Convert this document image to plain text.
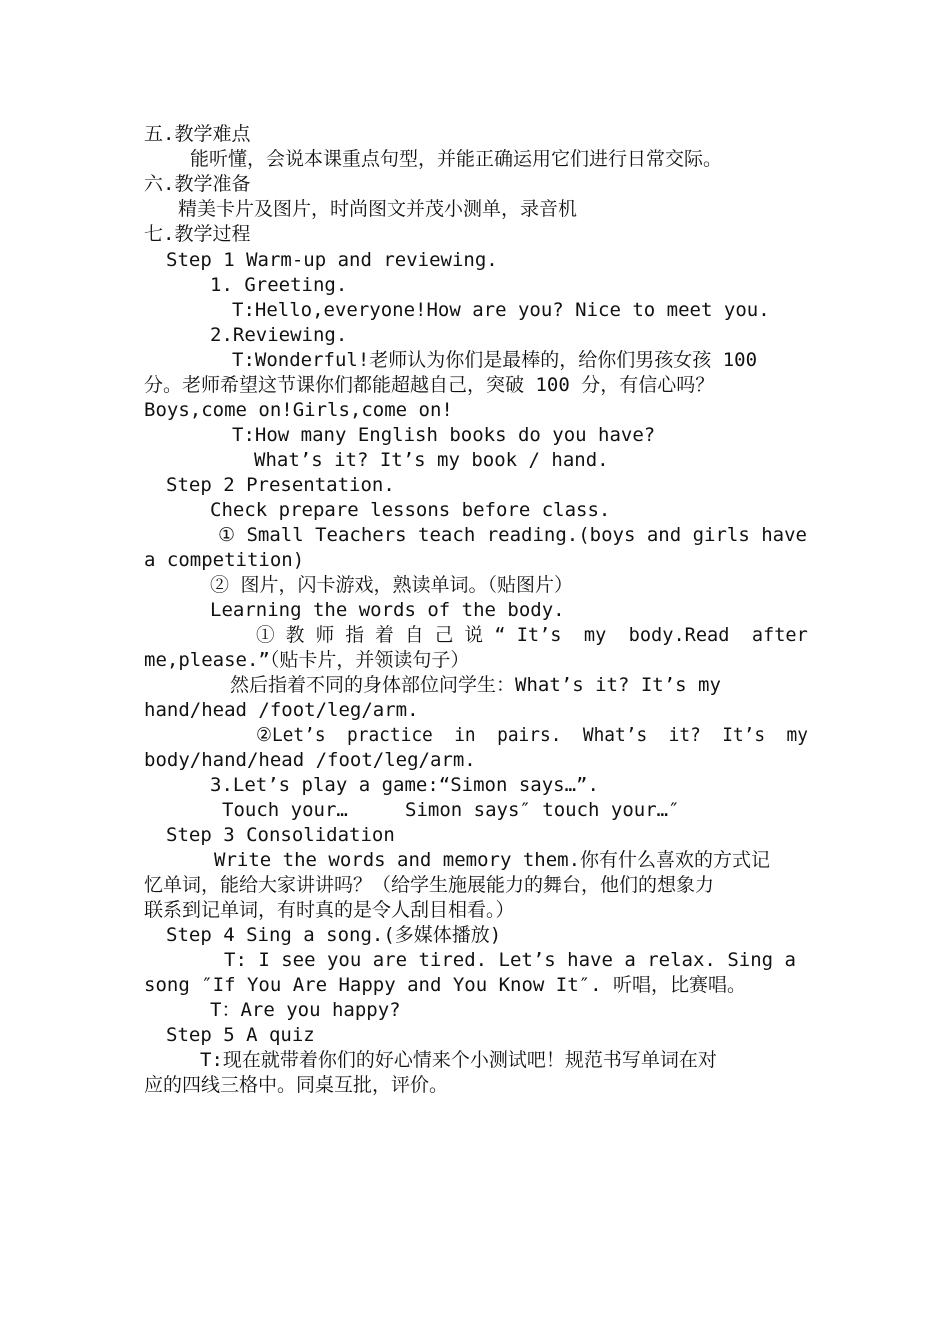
五.教学难点
能听懂，会说本课重点句型，并能正确运用它们进行日常交际。
六.教学准备
精美卡片及图片，时尚图文并茂小测单，录音机
七.教学过程
Step 1 Warm-up and reviewing.
1. Greeting.
T:Hello,everyone!How are you? Nice to meet you.
2.Reviewing.
T:Wonderful!老师认为你们是最棒的，给你们男孩女孩 100
分。老师希望这节课你们都能超越自己，突破 100 分，有信心吗？
Boys,come on!Girls,come on!
T:How many English books do you have?
What’s it? It’s my book / hand.
Step 2 Presentation.
Check prepare lessons before class.
① Small Teachers teach reading.(boys and girls have
a competition)
② 图片，闪卡游戏，熟读单词。（贴图片）
Learning the words of the body.
① 教 师 指 着 自 己 说 “ It’s  my  body.Read  after
me,please.”（贴卡片，并领读句子）
然后指着不同的身体部位问学生：What’s it? It’s my
hand/head /foot/leg/arm.
②Let’s  practice  in  pairs.  What’s  it?  It’s  my
body/hand/head /foot/leg/arm.
3.Let’s play a game:“Simon says…”.
Touch your…     Simon says″ touch your…″
Step 3 Consolidation
Write the words and memory them.你有什么喜欢的方式记
忆单词，能给大家讲讲吗？（给学生施展能力的舞台，他们的想象力
联系到记单词，有时真的是令人刮目相看。）
Step 4 Sing a song.(多媒体播放)
T: I see you are tired. Let’s have a relax. Sing a
song ″If You Are Happy and You Know It″. 听唱，比赛唱。
T：Are you happy?
Step 5 A quiz
T:现在就带着你们的好心情来个小测试吧！规范书写单词在对
应的四线三格中。同桌互批，评价。
